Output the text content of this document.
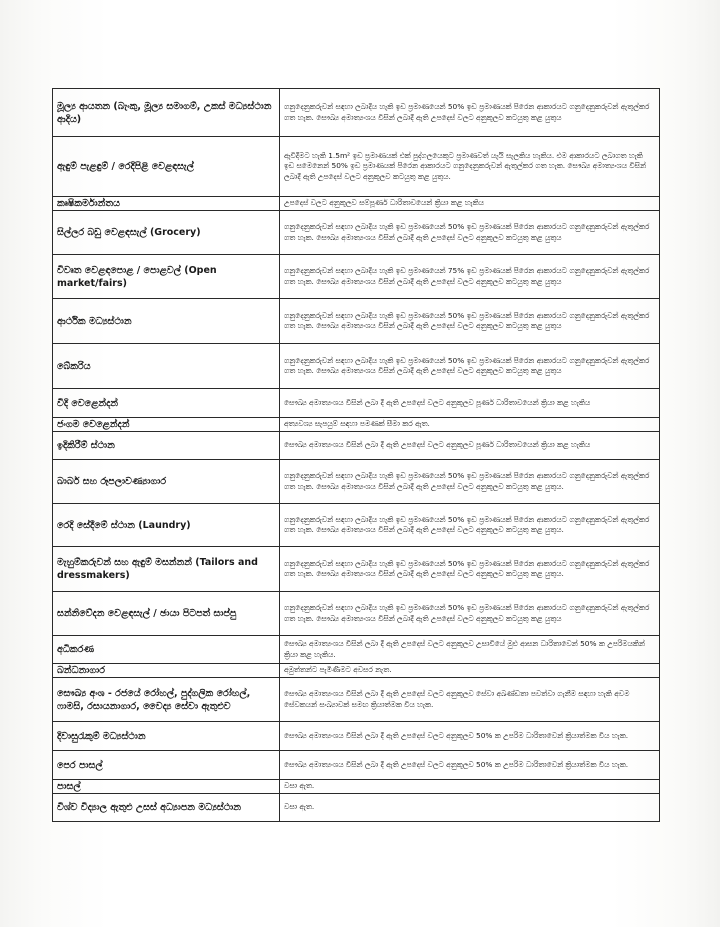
මූල්‍ය ආයතන (බැංකු, මූල්‍ය සමාගම්, උකස් මධ්‍යස්ථාන ආදිය)	ගනුදෙනුකරුවන් සඳහා ලබාදිය හැකි ඉඩ ප්‍රමාණයෙන් 50% ඉඩ ප්‍රමාණයක් පිරෙන ආකාරයට ගනුදෙනුකරුවන් ඇතුල්කර ගත හැක. සෞඛ්‍ය අමාත්‍යංශය විසින් ලබාදී ඇති උපදෙස් වලට අනුකූලව කටයුතු කළ යුතුය
ඇඳුම් පැළඳුම් / රෙදිපිළි වෙළඳසැල්	ඇවිදීමට හැකි 1.5m² ඉඩ ප්‍රමාණයක් එක් පුද්ගලයෙකුට ප්‍රමාණවත් යැයි සැලකිය හැකිය. එම ආකාරයට ලබාගත හැකි ඉඩ සමෙනෙන් 50% ඉඩ ප්‍රමාණයක් පිරෙන ආකාරයට ගනුදෙනුකරුවන් ඇතුල්කර ගත හැක. සෞඛ්‍ය අමාත්‍යංශය විසින් ලබාදී ඇති උපදෙස් වලට අනුකූලව කටයුතු කළ යුතුය.
කෘෂිකර්මාන්තය	උපදෙස් වලට අනුකූලව සම්පූර්ණ ධාරිතාවයෙන් ක්‍රියා කළ හැකිය
සිල්ලර බඩු වෙළඳසැල් (Grocery)	ගනුදෙනුකරුවන් සඳහා ලබාදිය හැකි ඉඩ ප්‍රමාණයෙන් 50% ඉඩ ප්‍රමාණයක් පිරෙන ආකාරයට ගනුදෙනුකරුවන් ඇතුල්කර ගත හැක. සෞඛ්‍ය අමාත්‍යංශය විසින් ලබාදී ඇති උපදෙස් වලට අනුකූලව කටයුතු කළ යුතුය
විවෘත වෙළඳපොළ / පොළවල් (Open market/fairs)	ගනුදෙනුකරුවන් සඳහා ලබාදිය හැකි ඉඩ ප්‍රමාණයෙන් 75% ඉඩ ප්‍රමාණයක් පිරෙන ආකාරයට ගනුදෙනුකරුවන් ඇතුල්කර ගත හැක. සෞඛ්‍ය අමාත්‍යංශය විසින් ලබාදී ඇති උපදෙස් වලට අනුකූලව කටයුතු කළ යුතුය
ආර්ථික මධ්‍යස්ථාන	ගනුදෙනුකරුවන් සඳහා ලබාදිය හැකි ඉඩ ප්‍රමාණයෙන් 50% ඉඩ ප්‍රමාණයක් පිරෙන ආකාරයට ගනුදෙනුකරුවන් ඇතුල්කර ගත හැක. සෞඛ්‍ය අමාත්‍යංශය විසින් ලබාදී ඇති උපදෙස් වලට අනුකූලව කටයුතු කළ යුතුය
බේකරිය	ගනුදෙනුකරුවන් සඳහා ලබාදිය හැකි ඉඩ ප්‍රමාණයෙන් 50% ඉඩ ප්‍රමාණයක් පිරෙන ආකාරයට ගනුදෙනුකරුවන් ඇතුල්කර ගත හැක. සෞඛ්‍ය අමාත්‍යංශය විසින් ලබාදී ඇති උපදෙස් වලට අනුකූලව කටයුතු කළ යුතුය
වීදි වෙළෙන්දන්	සෞඛ්‍ය අමාත්‍යංශය විසින් ලබා දී ඇති උපදෙස් වලට අනුකූලව පූර්ණ ධාරිතාවයෙන් ක්‍රියා කළ හැකිය
ජංගම වෙළෙන්දන්	අත්‍යවශ්‍ය සැපයුම් සඳහා පමණක් සීමා කර ඇත.
ඉදිකිරීම් ස්ථාන	සෞඛ්‍ය අමාත්‍යංශය විසින් ලබා දී ඇති උපදෙස් වලට අනුකූලව පූර්ණ ධාරිතාවයෙන් ක්‍රියා කළ හැකිය
බාබර් සහ රූපලාවණ්‍යාගාර	ගනුදෙනුකරුවන් සඳහා ලබාදිය හැකි ඉඩ ප්‍රමාණයෙන් 50% ඉඩ ප්‍රමාණයක් පිරෙන ආකාරයට ගනුදෙනුකරුවන් ඇතුල්කර ගත හැක. සෞඛ්‍ය අමාත්‍යංශය විසින් ලබාදී ඇති උපදෙස් වලට අනුකූලව කටයුතු කළ යුතුය.
රෙදි සේදීමේ ස්ථාන (Laundry)	ගනුදෙනුකරුවන් සඳහා ලබාදිය හැකි ඉඩ ප්‍රමාණයෙන් 50% ඉඩ ප්‍රමාණයක් පිරෙන ආකාරයට ගනුදෙනුකරුවන් ඇතුල්කර ගත හැක. සෞඛ්‍ය අමාත්‍යංශය විසින් ලබාදී ඇති උපදෙස් වලට අනුකූලව කටයුතු කළ යුතුය.
මැහුම්කරුවන් සහ ඇඳුම් මසන්නන් (Tailors and dressmakers)	ගනුදෙනුකරුවන් සඳහා ලබාදිය හැකි ඉඩ ප්‍රමාණයෙන් 50% ඉඩ ප්‍රමාණයක් පිරෙන ආකාරයට ගනුදෙනුකරුවන් ඇතුල්කර ගත හැක. සෞඛ්‍ය අමාත්‍යංශය විසින් ලබාදී ඇති උපදෙස් වලට අනුකූලව කටයුතු කළ යුතුය.
සන්නිවේදන වෙළඳසැල් / ඡායා පිටපත් සාප්පු	ගනුදෙනුකරුවන් සඳහා ලබාදිය හැකි ඉඩ ප්‍රමාණයෙන් 50% ඉඩ ප්‍රමාණයක් පිරෙන ආකාරයට ගනුදෙනුකරුවන් ඇතුල්කර ගත හැක. සෞඛ්‍ය අමාත්‍යංශය විසින් ලබාදී ඇති උපදෙස් වලට අනුකූලව කටයුතු කළ යුතුය
අධිකරණ	සෞඛ්‍ය අමාත්‍යංශය විසින් ලබා දී ඇති උපදෙස් වලට අනුකූලව උසාවියේ මුළු ආසන ධාරිතාවෙන් 50% ක උපරිමයකින් ක්‍රියා කළ හැකිය.
බන්ධනාගාර	අමුත්තන්ට පැමිණීමට අවසර නැත.
සෞඛ්‍ය අංශ - රජයේ රෝහල්, පුද්ගලික රෝහල්, ෆාමසි, රසායනාගාර, වෛද්‍ය සේවා ඇතුළුව	සෞඛ්‍ය අමාත්‍යංශය විසින් ලබා දී ඇති උපදෙස් වලට අනුකූලව සේවා අඛණ්ඩතා පවත්වා ගැනීම සඳහා හැකි අවම සේවකයන් සංඛ්‍යාවක් සමඟ ක්‍රියාත්මක විය හැක.
දිවාසුරැකුම් මධ්‍යස්ථාන	සෞඛ්‍ය අමාත්‍යංශය විසින් ලබා දී ඇති උපදෙස් වලට අනුකූලව 50% ක උපරිම ධාරිතාවෙන් ක්‍රියාත්මක විය හැක.
පෙර පාසල්	සෞඛ්‍ය අමාත්‍යංශය විසින් ලබා දී ඇති උපදෙස් වලට අනුකූලව 50% ක උපරිම ධාරිතාවෙන් ක්‍රියාත්මක විය හැක.
පාසල්	වසා ඇත.
විශ්ව විද්‍යාල ඇතුළු උසස් අධ්‍යාපන මධ්‍යස්ථාන	වසා ඇත.
